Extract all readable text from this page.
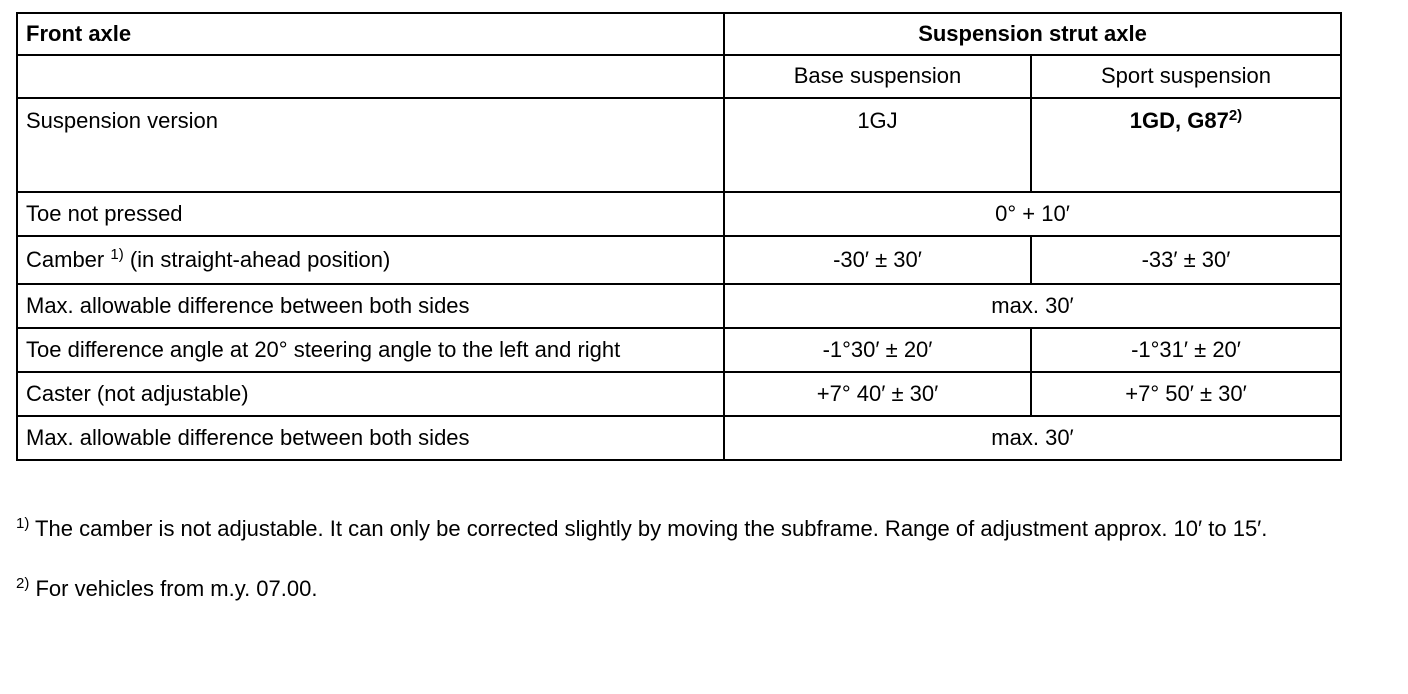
Front axle	Suspension strut axle	
	Base suspension	Sport suspension
Suspension version	1GJ	1GD, G87$^{2)}$
Toe not pressed	0° + 10′	
Camber $^{1)}$ (in straight-ahead position)	-30′ ± 30′	-33′ ± 30′
Max. allowable difference between both sides	max. 30′	
Toe difference angle at 20° steering angle to the left and right	-1°30′ ± 20′	-1°31′ ± 20′
Caster (not adjustable)	+7° 40′ ± 30′	+7° 50′ ± 30′
Max. allowable difference between both sides	max. 30′	

$^{1)}$ The camber is not adjustable. It can only be corrected slightly by moving the subframe. Range of adjustment approx. 10′ to 15′.

$^{2)}$ For vehicles from m.y. 07.00.
